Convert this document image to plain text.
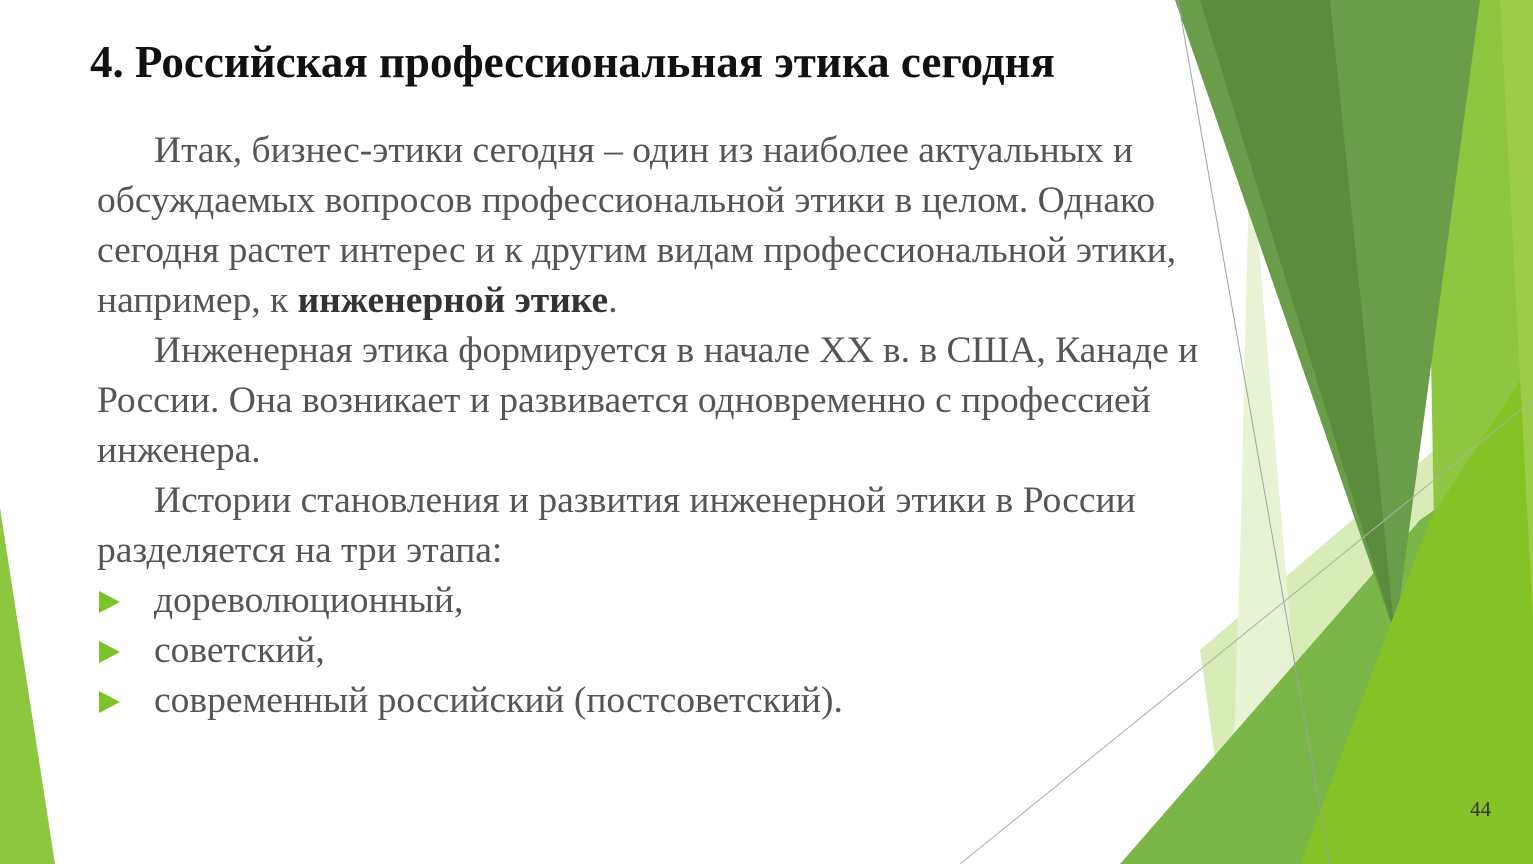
4. Российская профессиональная этика сегодня

Итак, бизнес-этики сегодня – один из наиболее актуальных и обсуждаемых вопросов профессиональной этики в целом. Однако сегодня растет интерес и к другим видам профессиональной этики, например, к инженерной этике.

Инженерная этика формируется в начале XX в. в США, Канаде и России. Она возникает и развивается одновременно с профессией инженера.

Истории становления и развития инженерной этики в России разделяется на три этапа:

дореволюционный,
советский,
современный российский (постсоветский).
44
